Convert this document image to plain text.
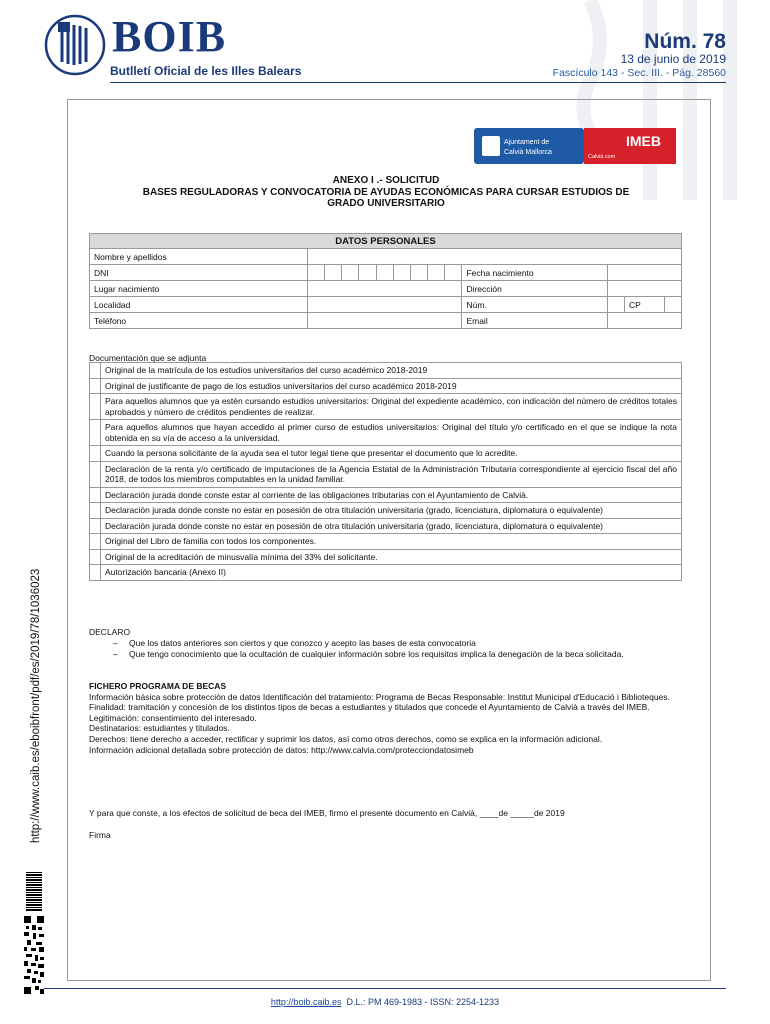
BOIB
Butlletí Oficial de les Illes Balears
Núm. 78
13 de junio de 2019
Fascículo 143 - Sec. III. - Pág. 28560
Ajuntament de
Calvià Mallorca
IMEB
Calvià.com
ANEXO I .- SOLICITUD
BASES REGULADORAS Y CONVOCATORIA DE AYUDAS ECONÓMICAS PARA CURSAR ESTUDIOS DE
GRADO UNIVERSITARIO
DATOS PERSONALES													
Nombre y apellidos													
DNI										Fecha nacimiento			
Lugar nacimiento										Dirección			
Localidad										Núm.		CP	
Teléfono										Email			
Documentación que se adjunta
	Original de la matrícula de los estudios universitarios del curso académico 2018-2019
	Original de justificante de pago de los estudios universitarios del curso académico 2018-2019
	Para aquellos alumnos que ya estén cursando estudios universitarios: Original del expediente académico, con indicación del número de créditos totales aprobados y número de créditos pendientes de realizar.
	Para aquellos alumnos que hayan accedido al primer curso de estudios universitarios: Original del título y/o certificado en el que se indique la nota obtenida en su vía de acceso a la universidad.
	Cuando la persona solicitante de la ayuda sea el tutor legal tiene que presentar el documento que lo acredite.
	Declaración de la renta y/o certificado de imputaciones de la Agencia Estatal de la Administración Tributaria correspondiente al ejercicio fiscal del año 2018, de todos los miembros computables en la unidad familiar.
	Declaración jurada donde conste estar al corriente de las obligaciones tributarias con el Ayuntamiento de Calvià.
	Declaración jurada donde conste no estar en posesión de otra titulación universitaria (grado, licenciatura, diplomatura o equivalente)
	Declaración jurada donde conste no estar en posesión de otra titulación universitaria (grado, licenciatura, diplomatura o equivalente)
	Original del Libro de familia con todos los componentes.
	Original de la acreditación de minusvalía mínima del 33% del solicitante.
	Autorización bancaria (Anexo II)
DECLARO
– Que los datos anteriores son ciertos y que conozco y acepto las bases de esta convocatoria
– Que tengo conocimiento que la ocultación de cualquier información sobre los requisitos implica la denegación de la beca solicitada.

FICHERO PROGRAMA DE BECAS

Información básica sobre protección de datos Identificación del tratamiento: Programa de Becas Responsable: Institut Municipal d'Educació i Biblioteques.

Finalidad: tramitación y concesión de los distintos tipos de becas a estudiantes y titulados que concede el Ayuntamiento de Calvià a través del IMEB.

Legitimación: consentimiento del interesado.

Destinatarios: estudiantes y titulados.

Derechos: tiene derecho a acceder, rectificar y suprimir los datos, así como otros derechos, como se explica en la información adicional.

Información adicional detallada sobre protección de datos: http://www.calvia.com/protecciondatosimeb

Y para que conste, a los efectos de solicitud de beca del IMEB, firmo el presente documento en Calvià, ____de _____de 2019
Firma
http://www.caib.es/eboibfront/pdf/es/2019/78/1036023
http://boib.caib.es D.L.: PM 469-1983 - ISSN: 2254-1233
